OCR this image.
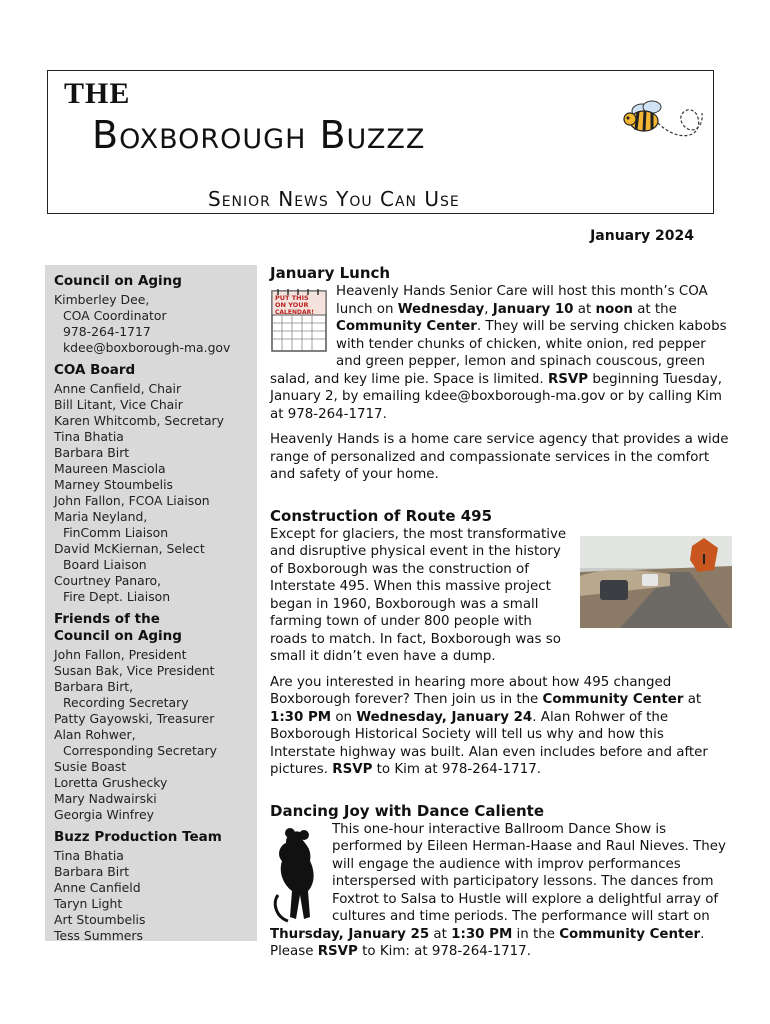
THE
Boxborough Buzzz
Senior News You Can Use
January 2024
Council on Aging
Kimberley Dee,
COA Coordinator
978-264-1717
kdee@boxborough-ma.gov
COA Board
Anne Canfield, Chair
Bill Litant, Vice Chair
Karen Whitcomb, Secretary
Tina Bhatia
Barbara Birt
Maureen Masciola
Marney Stoumbelis
John Fallon, FCOA Liaison
Maria Neyland,
FinComm Liaison
David McKiernan, Select
Board Liaison
Courtney Panaro,
Fire Dept. Liaison
Friends of the
Council on Aging
John Fallon, President
Susan Bak, Vice President
Barbara Birt,
Recording Secretary
Patty Gayowski, Treasurer
Alan Rohwer,
Corresponding Secretary
Susie Boast
Loretta Grushecky
Mary Nadwairski
Georgia Winfrey
Buzz Production Team
Tina Bhatia
Barbara Birt
Anne Canfield
Taryn Light
Art Stoumbelis
Tess Summers
January Lunch
PUT THIS
ON YOUR
CALENDAR!

Heavenly Hands Senior Care will host this month’s COA lunch on Wednesday, January 10 at noon at the Community Center. They will be serving chicken kabobs with tender chunks of chicken, white onion, red pepper and green pepper, lemon and spinach couscous, green salad, and key lime pie. Space is limited. RSVP beginning Tuesday, January 2, by emailing kdee@boxborough-ma.gov or by calling Kim at 978-264-1717.

Heavenly Hands is a home care service agency that provides a wide range of personalized and compassionate services in the comfort and safety of your home.

Construction of Route 495

Except for glaciers, the most transformative and disruptive physical event in the history of Boxborough was the construction of Interstate 495. When this massive project began in 1960, Boxborough was a small farming town of under 800 people with roads to match. In fact, Boxborough was so small it didn’t even have a dump.

Are you interested in hearing more about how 495 changed Boxborough forever? Then join us in the Community Center at 1:30 PM on Wednesday, January 24. Alan Rohwer of the Boxborough Historical Society will tell us why and how this Interstate highway was built. Alan even includes before and after pictures. RSVP to Kim at 978-264-1717.

Dancing Joy with Dance Caliente

This one-hour interactive Ballroom Dance Show is performed by Eileen Herman-Haase and Raul Nieves. They will engage the audience with improv performances interspersed with participatory lessons. The dances from Foxtrot to Salsa to Hustle will explore a delightful array of cultures and time periods. The performance will start on Thursday, January 25 at 1:30 PM in the Community Center. Please RSVP to Kim: at 978-264-1717.
